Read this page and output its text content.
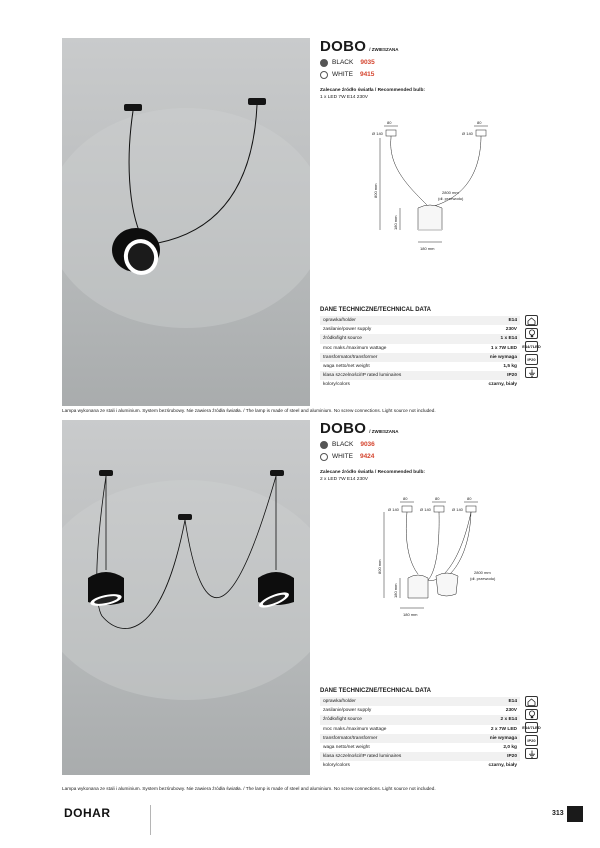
DOBO / ZWIESZANA
BLACK 9035
WHITE 9415
Zalecane źródło światła / Recommended bulb:
1 x LED 7W E14 230V
80	80
Ø 140	Ø 140
800 mm
180 mm
2800 mm
(dł. przewodu)
180 mm
DANE TECHNICZNE/TECHNICAL DATA
oprawka/holder	E14
zasilanie/power supply	230V
źródło/light source	1 x E14
moc maks./maximum wattage	1 x 7W LED
transformator/transformer	nie wymaga
waga netto/net weight	1,5 kg
klasa szczelności/IP rated luminaires	IP20
kolory/colors	czarny, biały
E14/7 LED
IP20
Lampa wykonana ze stali i aluminium. System bezśrubowy. Nie zawiera źródła światła. / The lamp is made of steel and aluminium. No screw connections. Light source not included.
DOBO / ZWIESZANA
BLACK 9036
WHITE 9424
Zalecane źródło światła / Recommended bulb:
2 x LED 7W E14 230V
80	80	80
Ø 140	Ø 140	Ø 140
800 mm
180 mm
2800 mm
(dł. przewodu)
180 mm
DANE TECHNICZNE/TECHNICAL DATA
oprawka/holder	E14
zasilanie/power supply	230V
źródło/light source	2 x E14
moc maks./maximum wattage	2 x 7W LED
transformator/transformer	nie wymaga
waga netto/net weight	2,0 kg
klasa szczelności/IP rated luminaires	IP20
kolory/colors	czarny, biały
E14/7 LED
IP20
Lampa wykonana ze stali i aluminium. System bezśrubowy. Nie zawiera źródła światła. / The lamp is made of steel and aluminium. No screw connections. Light source not included.
DOHAR	313
